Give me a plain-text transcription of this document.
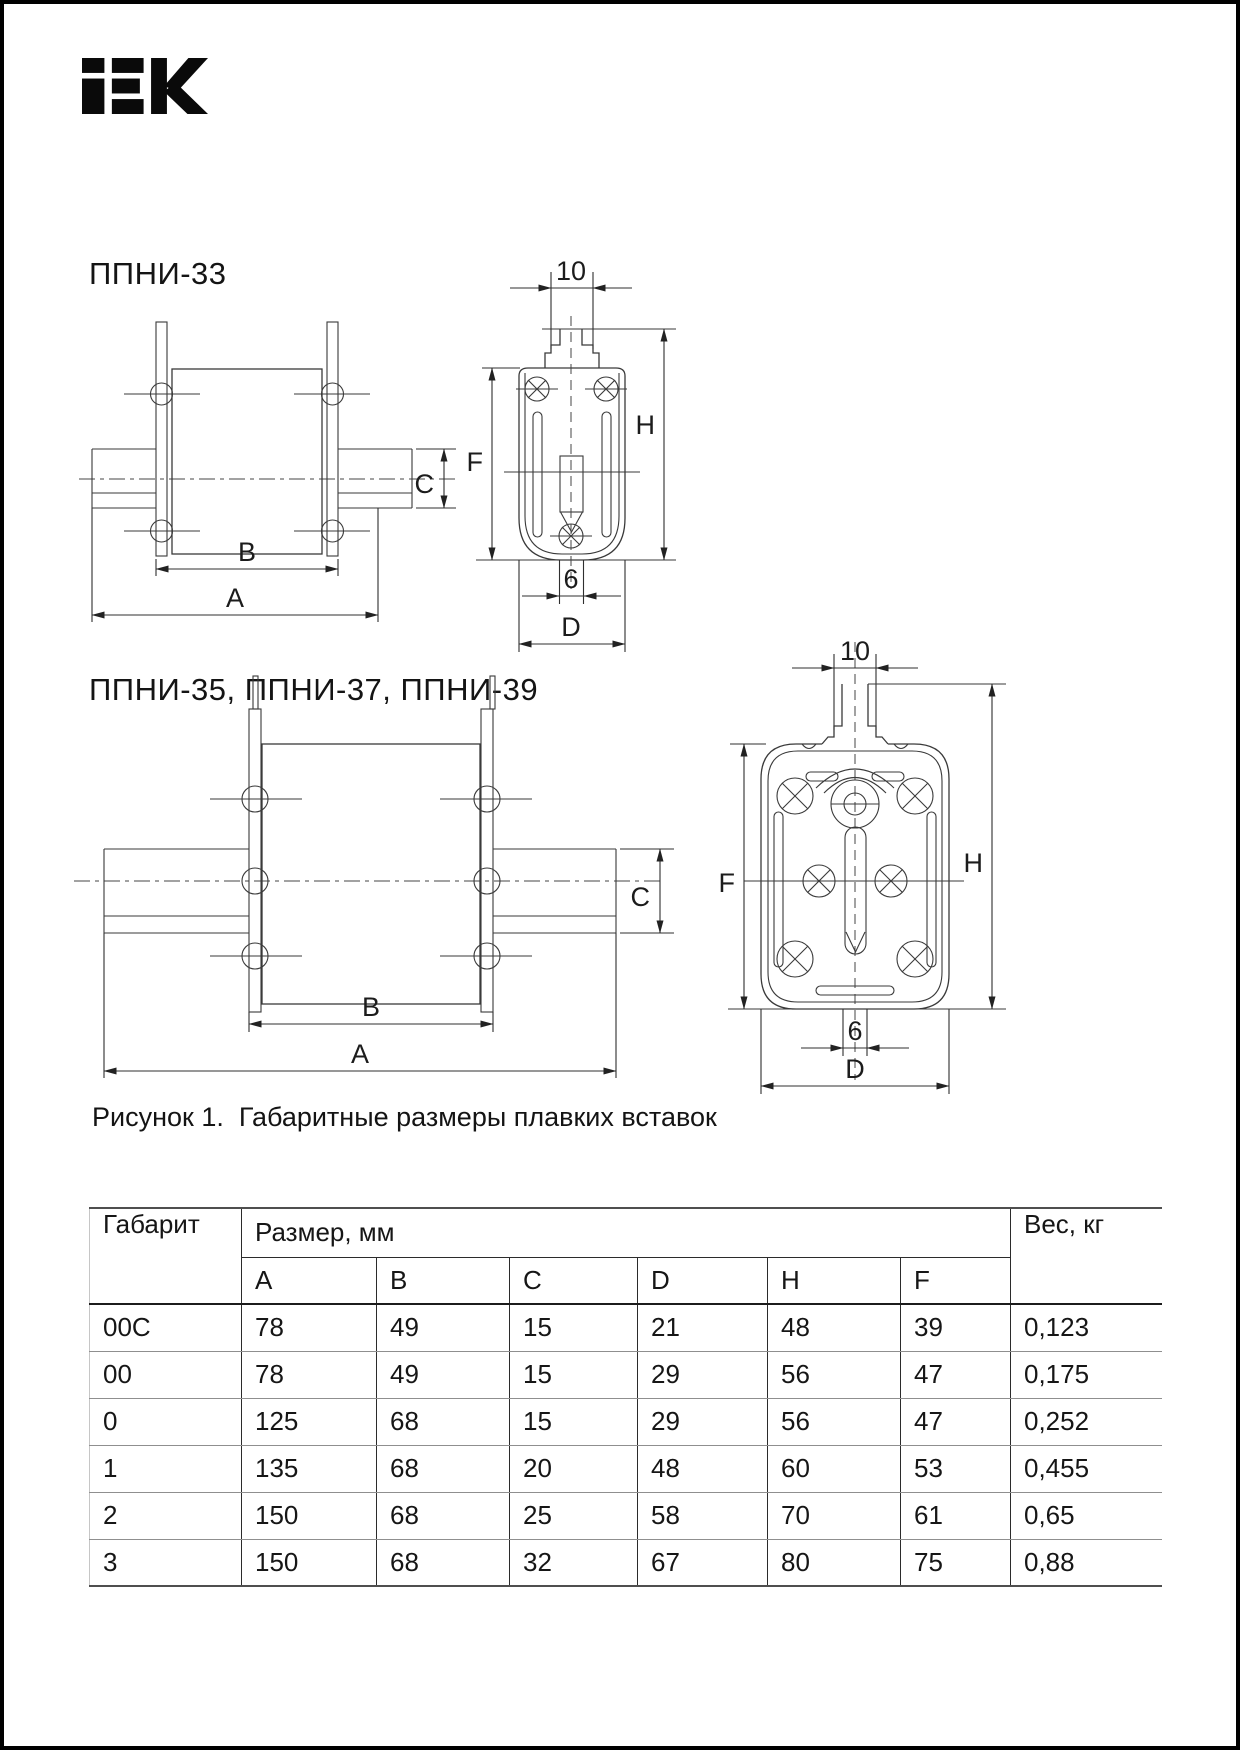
ППНИ-33
C
B
A
10
F
H
6
D
ППНИ-35, ППНИ-37, ППНИ-39
C
B
A
10
F
H
6
D
Рисунок 1.  Габаритные размеры плавких вставок
Габарит	Размер, мм						Вес, кг
	A	B	C	D	H	F	
00C	78	49	15	21	48	39	0,123
00	78	49	15	29	56	47	0,175
0	125	68	15	29	56	47	0,252
1	135	68	20	48	60	53	0,455
2	150	68	25	58	70	61	0,65
3	150	68	32	67	80	75	0,88
